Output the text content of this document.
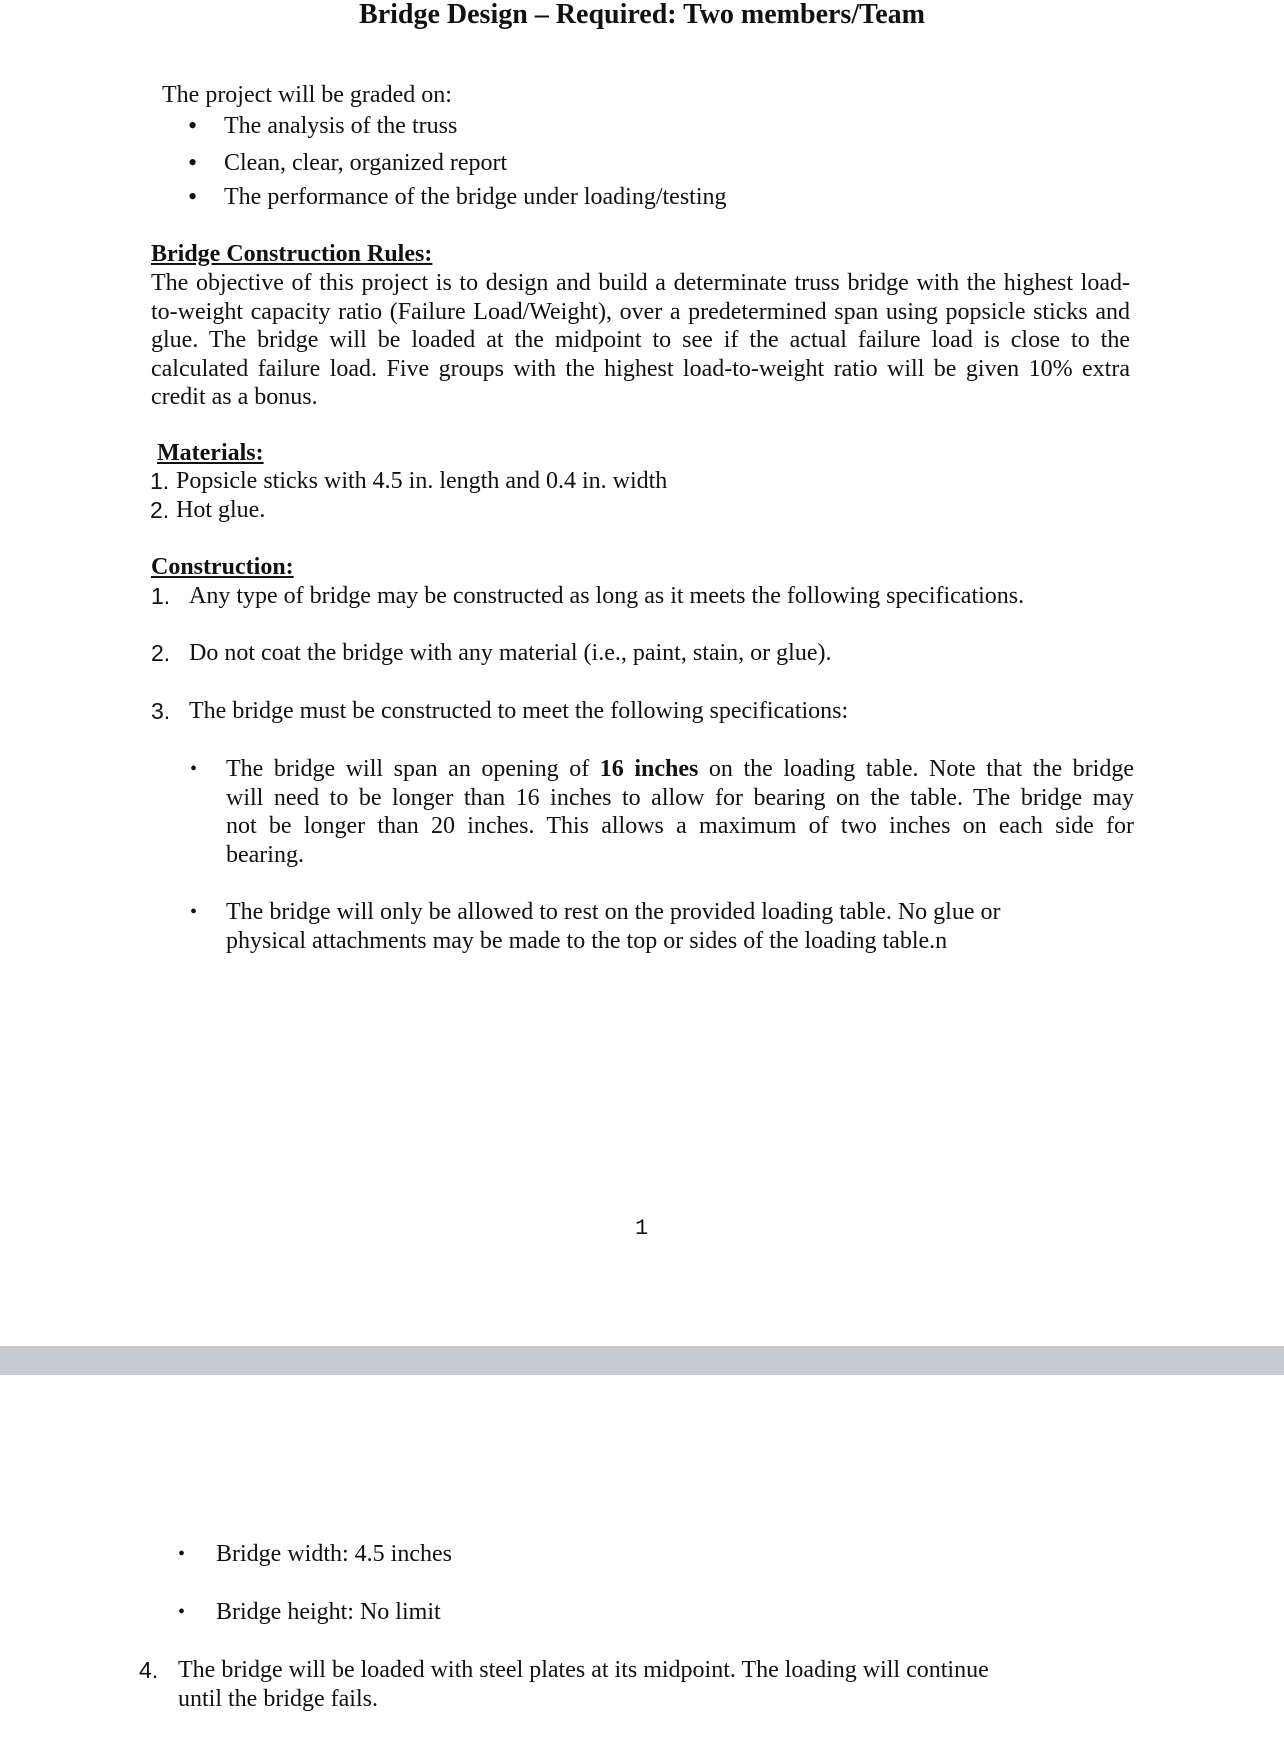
Bridge Design – Required: Two members/Team
The project will be graded on:
• The analysis of the truss
• Clean, clear, organized report
• The performance of the bridge under loading/testing
Bridge Construction Rules:
The objective of this project is to design and build a determinate truss bridge with the highest load-
to-weight capacity ratio (Failure Load/Weight), over a predetermined span using popsicle sticks and
glue. The bridge will be loaded at the midpoint to see if the actual failure load is close to the
calculated failure load. Five groups with the highest load-to-weight ratio will be given 10% extra
credit as a bonus.
Materials:
1. Popsicle sticks with 4.5 in. length and 0.4 in. width
2. Hot glue.
Construction:
1. Any type of bridge may be constructed as long as it meets the following specifications.
2. Do not coat the bridge with any material (i.e., paint, stain, or glue).
3. The bridge must be constructed to meet the following specifications:
• The bridge will span an opening of 16 inches on the loading table. Note that the bridge
will need to be longer than 16 inches to allow for bearing on the table. The bridge may
not be longer than 20 inches. This allows a maximum of two inches on each side for
bearing.
• The bridge will only be allowed to rest on the provided loading table. No glue or
physical attachments may be made to the top or sides of the loading table.n
1
• Bridge width: 4.5 inches
• Bridge height: No limit
4. The bridge will be loaded with steel plates at its midpoint. The loading will continue
until the bridge fails.
